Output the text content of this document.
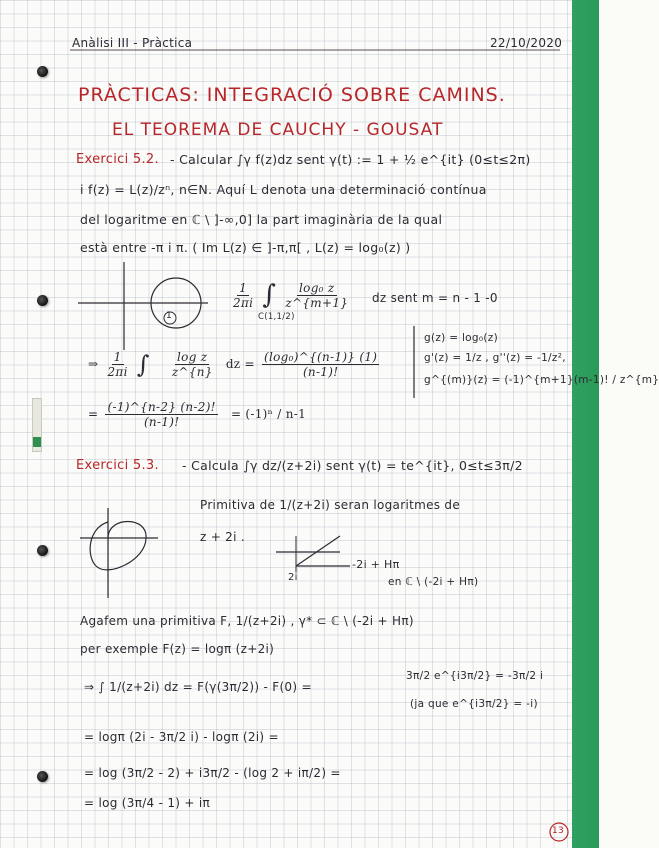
Anàlisi III - Pràctica	22/10/2020
PRÀCTICAS: INTEGRACIÓ SOBRE CAMINS.
EL TEOREMA DE CAUCHY - GOUSAT
Exercici 5.2. - Calcular ∫γ f(z)dz sent γ(t) := 1 + ½ e^{it} (0≤t≤2π)
i f(z) = L(z)/zⁿ, n∈N. Aquí L denota una determinació contínua
del logaritme en ℂ \ ]-∞,0] la part imaginària de la qual
està entre -π i π. ( Im L(z) ∈ ]-π,π[ , L(z) = log₀(z) )
1
$\frac{1}{2\pi i}$ ∫ $\frac{\text{log₀ z}}{z\^{}\{m+1\}}$
C(1,1/2)
dz sent m = n - 1 -0
⇒ $\frac{1}{2\pi i}$ ∫ $\frac{\text{log z}}{z\^{}\{n\}}$ dz = $\frac{\text{(log₀)\textasciicircum{}\{(n-1)\} (1)}}{(n-1)!}$
g(z) = log₀(z)
g'(z) = 1/z , g''(z) = -1/z²,
g^{(m)}(z) = (-1)^{m+1}(m-1)! / z^{m}
= $\frac{(-1)\^{}\{n-2\} (n-2)!}{(n-1)!} = (-1)^n / n-1$
Exercici 5.3. - Calcula ∫γ dz/(z+2i) sent γ(t) = te^{it}, 0≤t≤3π/2
Primitiva de 1/(z+2i) seran logaritmes de
z + 2i .
-2i + Hπ
en ℂ \ (-2i + Hπ)
2i
Agafem una primitiva F, 1/(z+2i) , γ* ⊂ ℂ \ (-2i + Hπ)
per exemple F(z) = logπ (z+2i)
⇒ ∫ 1/(z+2i) dz = F(γ(3π/2)) - F(0) =
3π/2 e^{i3π/2} = -3π/2 i
(ja que e^{i3π/2} = -i)
= logπ (2i - 3π/2 i) - logπ (2i) =
= log (3π/2 - 2) + i3π/2 - (log 2 + iπ/2) =
= log (3π/4 - 1) + iπ
13
